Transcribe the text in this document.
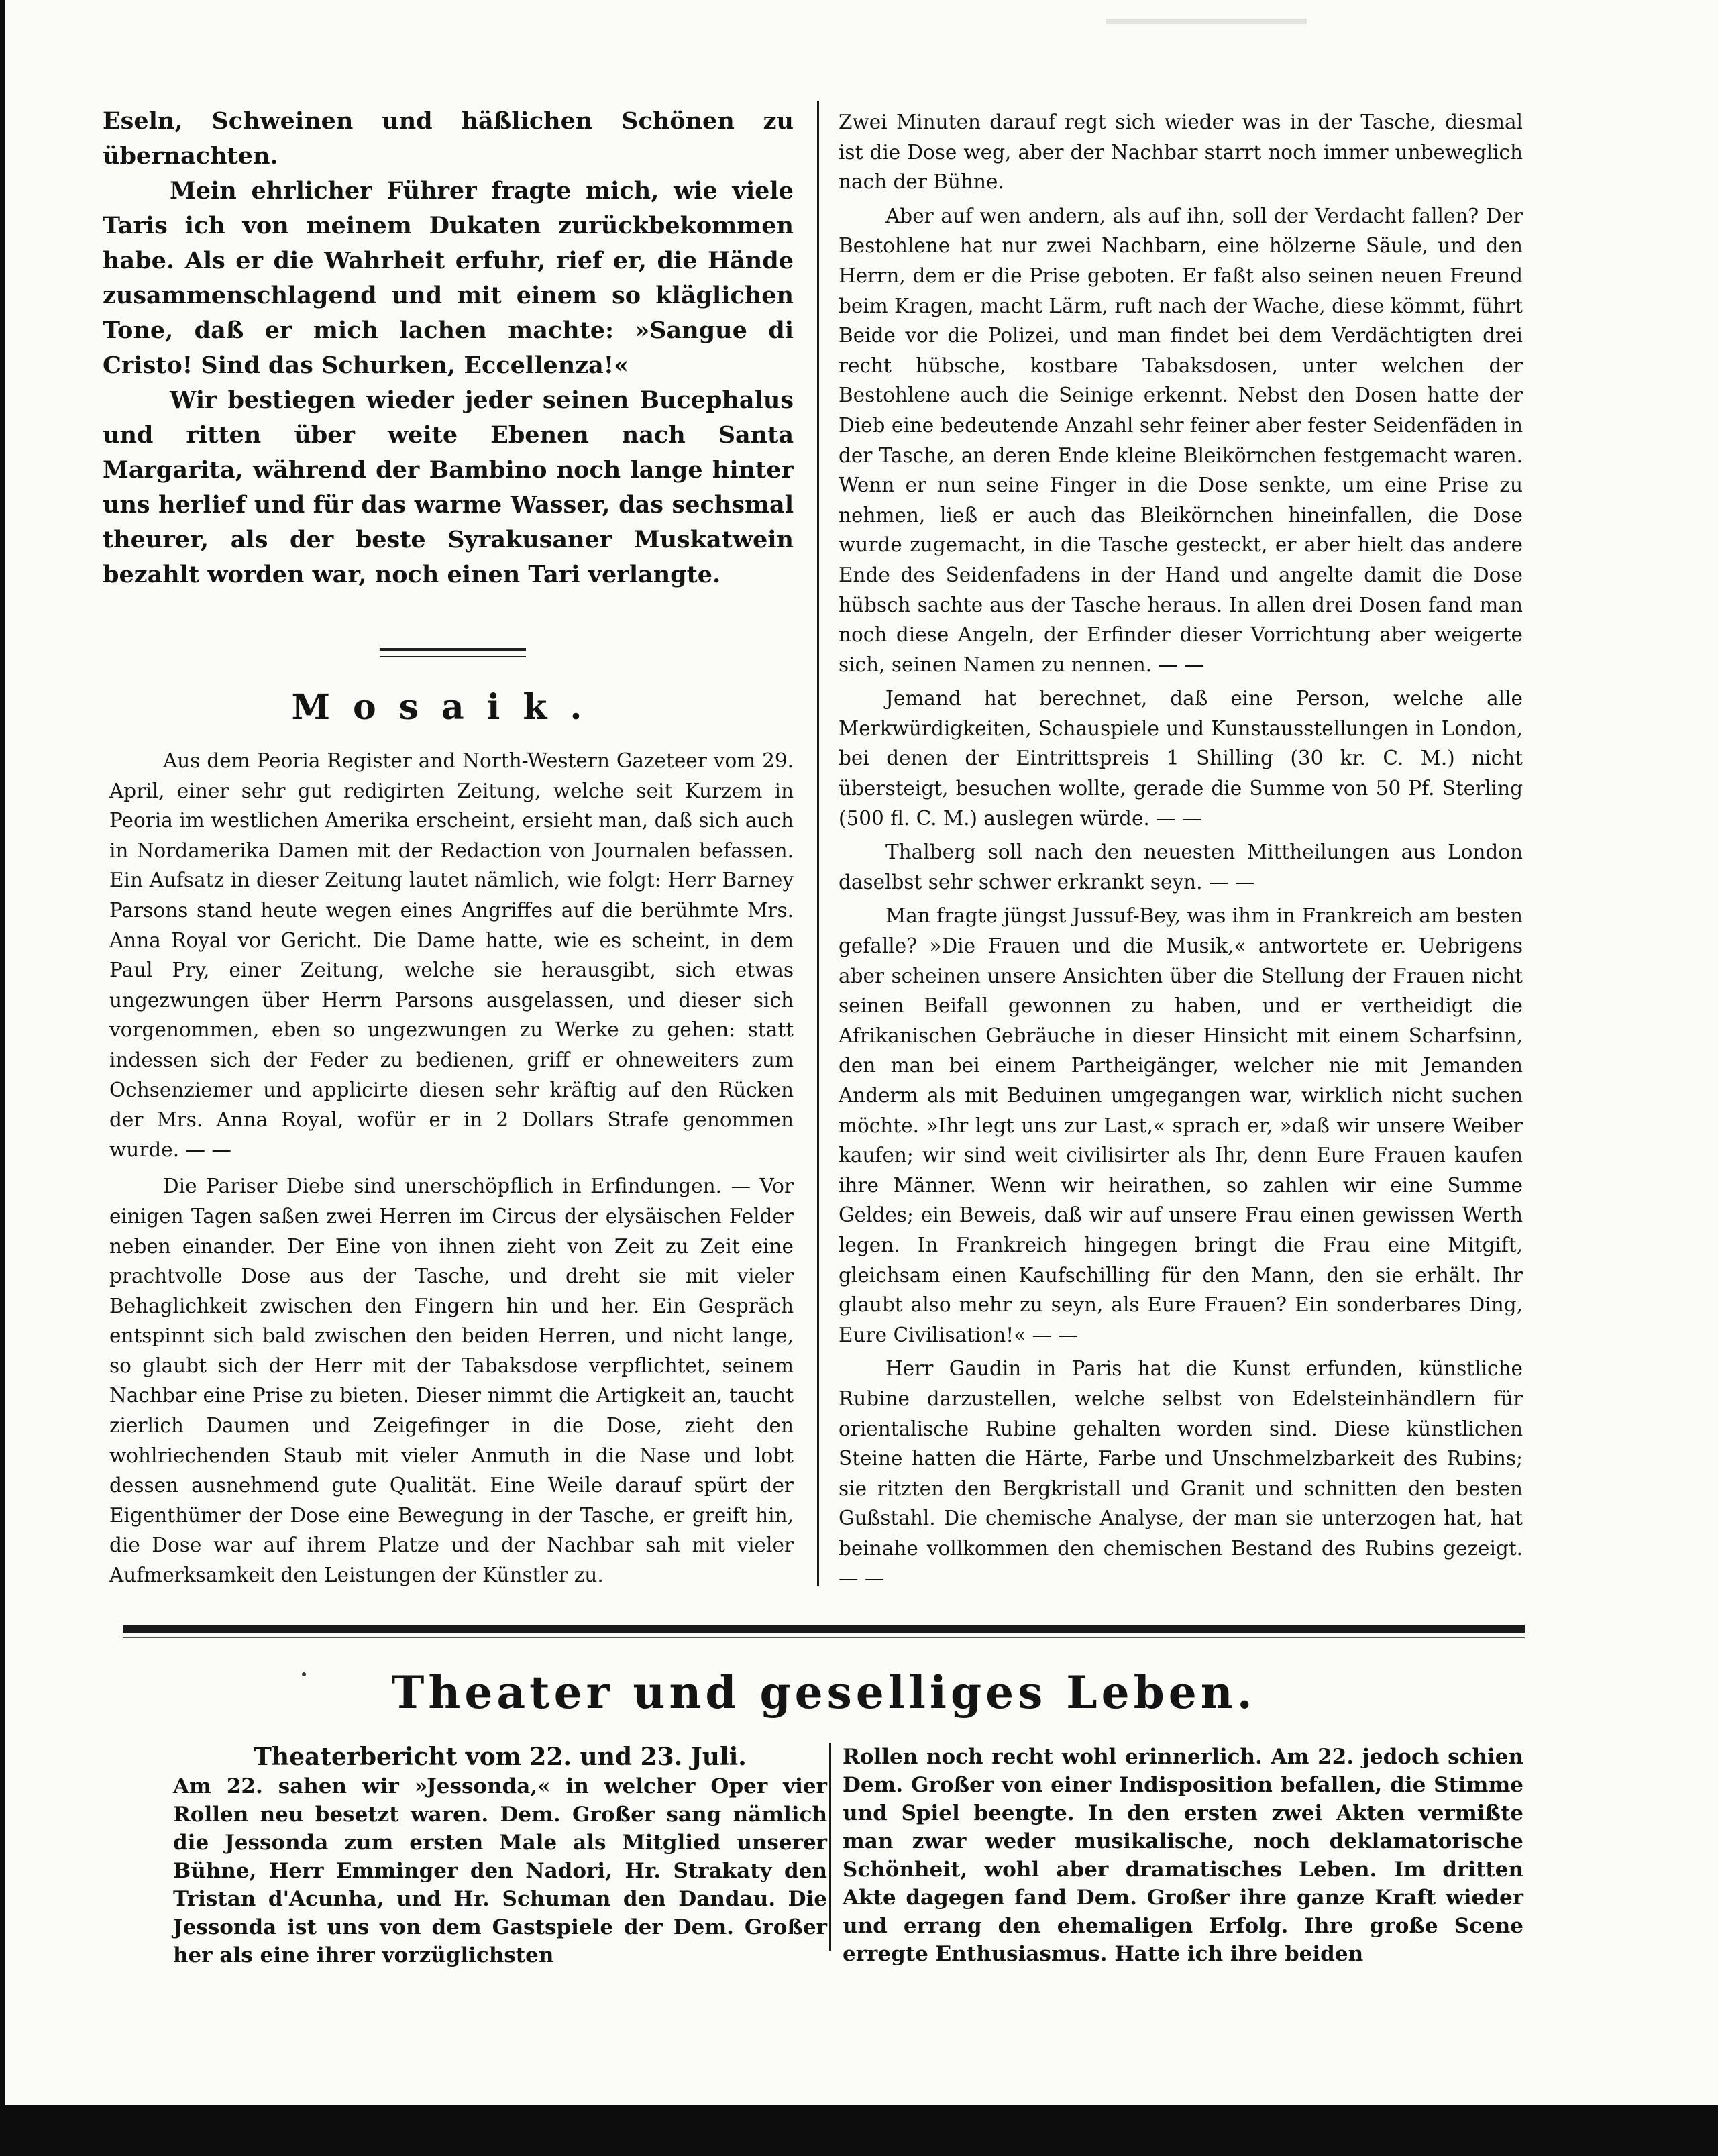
Eseln, Schweinen und häßlichen Schönen zu übernachten.

Mein ehrlicher Führer fragte mich, wie viele Taris ich von meinem Dukaten zurückbekommen habe. Als er die Wahrheit erfuhr, rief er, die Hände zusammenschlagend und mit einem so kläglichen Tone, daß er mich lachen machte: »Sangue di Cristo! Sind das Schurken, Eccellenza!«

Wir bestiegen wieder jeder seinen Bucephalus und ritten über weite Ebenen nach Santa Margarita, während der Bambino noch lange hinter uns herlief und für das warme Wasser, das sechsmal theurer, als der beste Syrakusaner Muskatwein bezahlt worden war, noch einen Tari verlangte.

Mosaik.

Aus dem Peoria Register and North-Western Gazeteer vom 29. April, einer sehr gut redigirten Zeitung, welche seit Kurzem in Peoria im westlichen Amerika erscheint, ersieht man, daß sich auch in Nordamerika Damen mit der Redaction von Journalen befassen. Ein Aufsatz in dieser Zeitung lautet nämlich, wie folgt: Herr Barney Parsons stand heute wegen eines Angriffes auf die berühmte Mrs. Anna Royal vor Gericht. Die Dame hatte, wie es scheint, in dem Paul Pry, einer Zeitung, welche sie herausgibt, sich etwas ungezwungen über Herrn Parsons ausgelassen, und dieser sich vorgenommen, eben so ungezwungen zu Werke zu gehen: statt indessen sich der Feder zu bedienen, griff er ohneweiters zum Ochsenziemer und applicirte diesen sehr kräftig auf den Rücken der Mrs. Anna Royal, wofür er in 2 Dollars Strafe genommen wurde. — —

Die Pariser Diebe sind unerschöpflich in Erfindungen. — Vor einigen Tagen saßen zwei Herren im Circus der elysäischen Felder neben einander. Der Eine von ihnen zieht von Zeit zu Zeit eine prachtvolle Dose aus der Tasche, und dreht sie mit vieler Behaglichkeit zwischen den Fingern hin und her. Ein Gespräch entspinnt sich bald zwischen den beiden Herren, und nicht lange, so glaubt sich der Herr mit der Tabaksdose verpflichtet, seinem Nachbar eine Prise zu bieten. Dieser nimmt die Artigkeit an, taucht zierlich Daumen und Zeigefinger in die Dose, zieht den wohlriechenden Staub mit vieler Anmuth in die Nase und lobt dessen ausnehmend gute Qualität. Eine Weile darauf spürt der Eigenthümer der Dose eine Bewegung in der Tasche, er greift hin, die Dose war auf ihrem Platze und der Nachbar sah mit vieler Aufmerksamkeit den Leistungen der Künstler zu.

Zwei Minuten darauf regt sich wieder was in der Tasche, diesmal ist die Dose weg, aber der Nachbar starrt noch immer unbeweglich nach der Bühne.

Aber auf wen andern, als auf ihn, soll der Verdacht fallen? Der Bestohlene hat nur zwei Nachbarn, eine hölzerne Säule, und den Herrn, dem er die Prise geboten. Er faßt also seinen neuen Freund beim Kragen, macht Lärm, ruft nach der Wache, diese kömmt, führt Beide vor die Polizei, und man findet bei dem Verdächtigten drei recht hübsche, kostbare Tabaksdosen, unter welchen der Bestohlene auch die Seinige erkennt. Nebst den Dosen hatte der Dieb eine bedeutende Anzahl sehr feiner aber fester Seidenfäden in der Tasche, an deren Ende kleine Bleikörnchen festgemacht waren. Wenn er nun seine Finger in die Dose senkte, um eine Prise zu nehmen, ließ er auch das Bleikörnchen hineinfallen, die Dose wurde zugemacht, in die Tasche gesteckt, er aber hielt das andere Ende des Seidenfadens in der Hand und angelte damit die Dose hübsch sachte aus der Tasche heraus. In allen drei Dosen fand man noch diese Angeln, der Erfinder dieser Vorrichtung aber weigerte sich, seinen Namen zu nennen. — —

Jemand hat berechnet, daß eine Person, welche alle Merkwürdigkeiten, Schauspiele und Kunstausstellungen in London, bei denen der Eintrittspreis 1 Shilling (30 kr. C. M.) nicht übersteigt, besuchen wollte, gerade die Summe von 50 Pf. Sterling (500 fl. C. M.) auslegen würde. — —

Thalberg soll nach den neuesten Mittheilungen aus London daselbst sehr schwer erkrankt seyn. — —

Man fragte jüngst Jussuf-Bey, was ihm in Frankreich am besten gefalle? »Die Frauen und die Musik,« antwortete er. Uebrigens aber scheinen unsere Ansichten über die Stellung der Frauen nicht seinen Beifall gewonnen zu haben, und er vertheidigt die Afrikanischen Gebräuche in dieser Hinsicht mit einem Scharfsinn, den man bei einem Partheigänger, welcher nie mit Jemanden Anderm als mit Beduinen umgegangen war, wirklich nicht suchen möchte. »Ihr legt uns zur Last,« sprach er, »daß wir unsere Weiber kaufen; wir sind weit civilisirter als Ihr, denn Eure Frauen kaufen ihre Männer. Wenn wir heirathen, so zahlen wir eine Summe Geldes; ein Beweis, daß wir auf unsere Frau einen gewissen Werth legen. In Frankreich hingegen bringt die Frau eine Mitgift, gleichsam einen Kaufschilling für den Mann, den sie erhält. Ihr glaubt also mehr zu seyn, als Eure Frauen? Ein sonderbares Ding, Eure Civilisation!« — —

Herr Gaudin in Paris hat die Kunst erfunden, künstliche Rubine darzustellen, welche selbst von Edelsteinhändlern für orientalische Rubine gehalten worden sind. Diese künstlichen Steine hatten die Härte, Farbe und Unschmelzbarkeit des Rubins; sie ritzten den Bergkristall und Granit und schnitten den besten Gußstahl. Die chemische Analyse, der man sie unterzogen hat, hat beinahe vollkommen den chemischen Bestand des Rubins gezeigt. — —

Theater und geselliges Leben.
Theaterbericht vom 22. und 23. Juli.

Am 22. sahen wir »Jessonda,« in welcher Oper vier Rollen neu besetzt waren. Dem. Großer sang nämlich die Jessonda zum ersten Male als Mitglied unserer Bühne, Herr Emminger den Nadori, Hr. Strakaty den Tristan d'Acunha, und Hr. Schuman den Dandau. Die Jessonda ist uns von dem Gastspiele der Dem. Großer her als eine ihrer vorzüglichsten

Rollen noch recht wohl erinnerlich. Am 22. jedoch schien Dem. Großer von einer Indisposition befallen, die Stimme und Spiel beengte. In den ersten zwei Akten vermißte man zwar weder musikalische, noch deklamatorische Schönheit, wohl aber dramatisches Leben. Im dritten Akte dagegen fand Dem. Großer ihre ganze Kraft wieder und errang den ehemaligen Erfolg. Ihre große Scene erregte Enthusiasmus. Hatte ich ihre beiden
